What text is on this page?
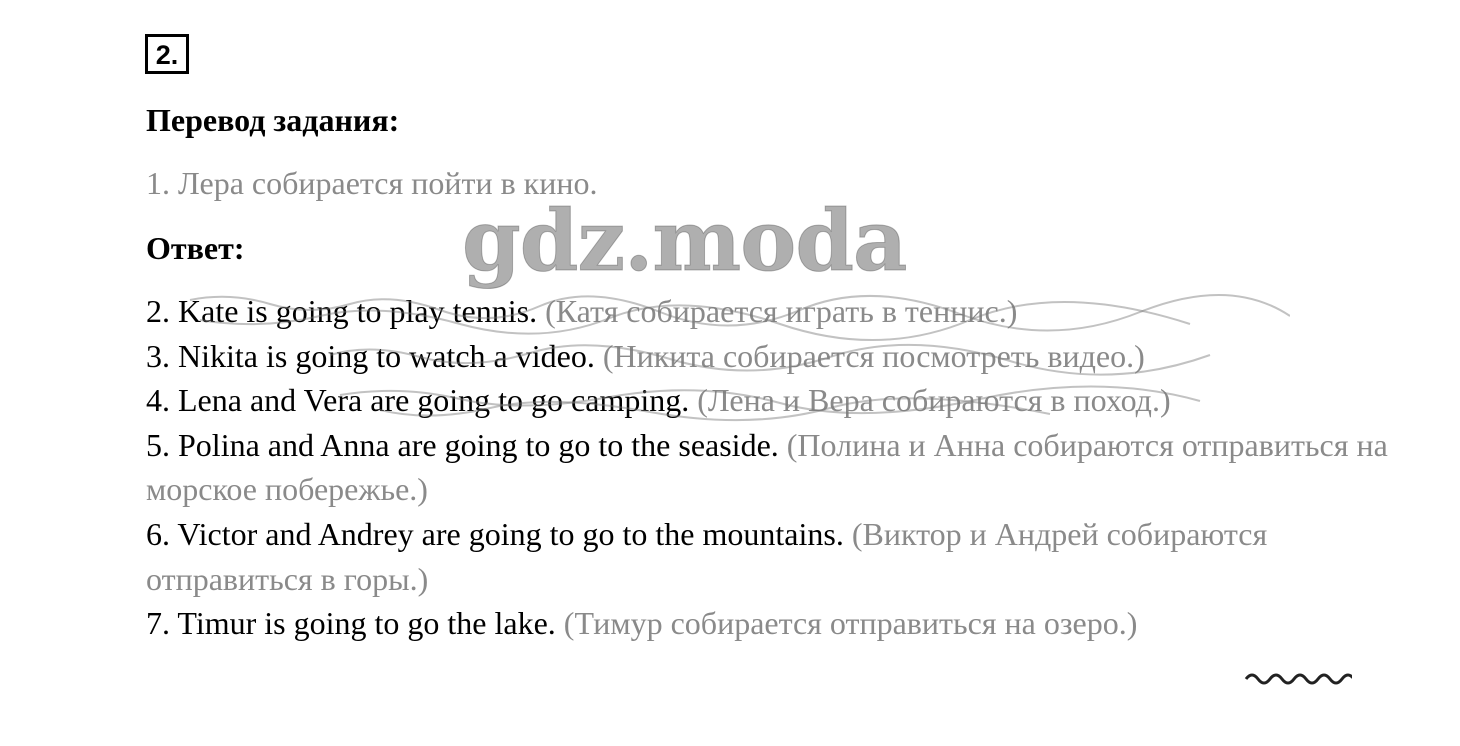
2.
Перевод задания:
1. Лера собирается пойти в кино.
Ответ:

2. Kate is going to play tennis. (Катя собирается играть в теннис.)

3. Nikita is going to watch a video. (Никита собирается посмотреть видео.)

4. Lena and Vera are going to go camping. (Лена и Вера собираются в поход.)

5. Polina and Anna are going to go to the seaside. (Полина и Анна собираются отправиться на морское побережье.)

6. Victor and Andrey are going to go to the mountains. (Виктор и Андрей собираются отправиться в горы.)

7. Timur is going to go the lake. (Тимур собирается отправиться на озеро.)

gdz.moda
